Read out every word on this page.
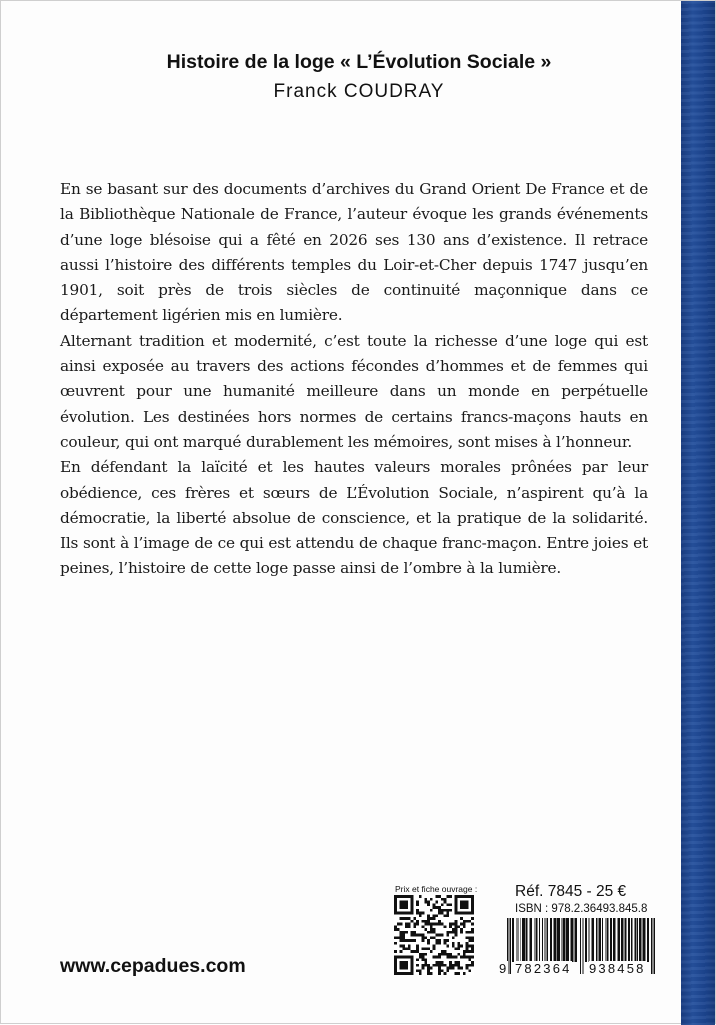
Histoire de la loge « L’Évolution Sociale »
Franck COUDRAY

En se basant sur des documents d’archives du Grand Orient De France et de la Bibliothèque Nationale de France, l’auteur évoque les grands événements d’une loge blésoise qui a fêté en 2026 ses 130 ans d’existence. Il retrace aussi l’histoire des différents temples du Loir-et-Cher depuis 1747 jusqu’en 1901, soit près de trois siècles de continuité maçonnique dans ce département ligérien mis en lumière.

Alternant tradition et modernité, c’est toute la richesse d’une loge qui est ainsi exposée au travers des actions fécondes d’hommes et de femmes qui œuvrent pour une humanité meilleure dans un monde en perpétuelle évolution. Les destinées hors normes de certains francs-maçons hauts en couleur, qui ont marqué durablement les mémoires, sont mises à l’honneur.

En défendant la laïcité et les hautes valeurs morales prônées par leur obédience, ces frères et sœurs de L’Évolution Sociale, n’aspirent qu’à la démocratie, la liberté absolue de conscience, et la pratique de la solidarité. Ils sont à l’image de ce qui est attendu de chaque franc-maçon. Entre joies et peines, l’histoire de cette loge passe ainsi de l’ombre à la lumière.

www.cepadues.com
Prix et fiche ouvrage : Réf. 7845 - 25 €
ISBN : 978.2.36493.845.8
9 782364 938458
